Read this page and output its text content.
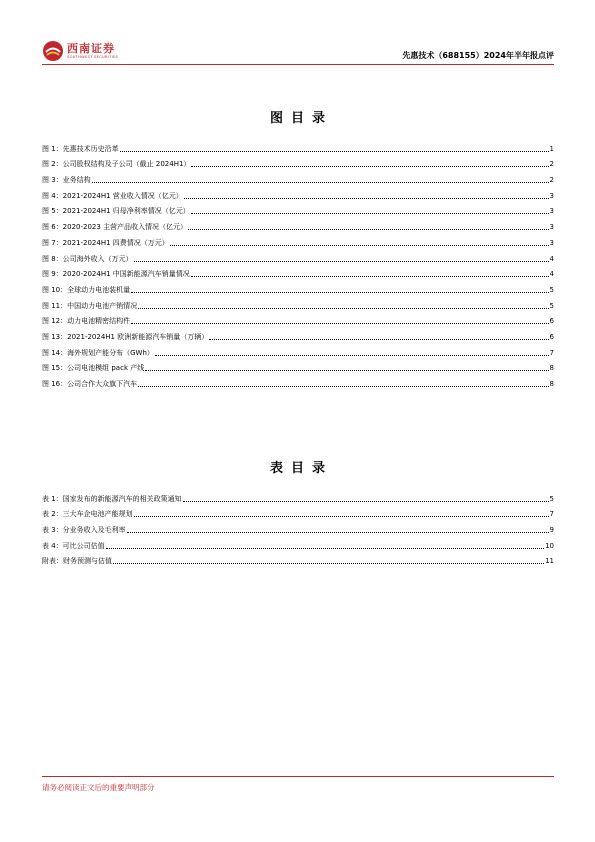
西南证券
SOUTHWEST SECURITIES	先惠技术（688155）2024年半年报点评
图目录
图 1：先惠技术历史沿革	1
图 2：公司股权结构及子公司（截止 2024H1）	2
图 3：业务结构	2
图 4：2021-2024H1 营业收入情况（亿元）	3
图 5：2021-2024H1 归母净利率情况（亿元）	3
图 6：2020-2023 主营产品收入情况（亿元）	3
图 7：2021-2024H1 四费情况（万元）	3
图 8：公司海外收入（万元）	4
图 9：2020-2024H1 中国新能源汽车销量情况	4
图 10：全球动力电池装机量	5
图 11：中国动力电池产销情况	5
图 12：动力电池精密结构件	6
图 13：2021-2024H1 欧洲新能源汽车销量（万辆）	6
图 14：海外规划产能分布（GWh）	7
图 15：公司电池模组 pack 产线	8
图 16：公司合作大众旗下汽车	8
表目录
表 1：国家发布的新能源汽车的相关政策通知	5
表 2：三大车企电池产能规划	7
表 3：分业务收入及毛利率	9
表 4：可比公司估值	10
附表：财务预测与估值	11
请务必阅读正文后的重要声明部分
